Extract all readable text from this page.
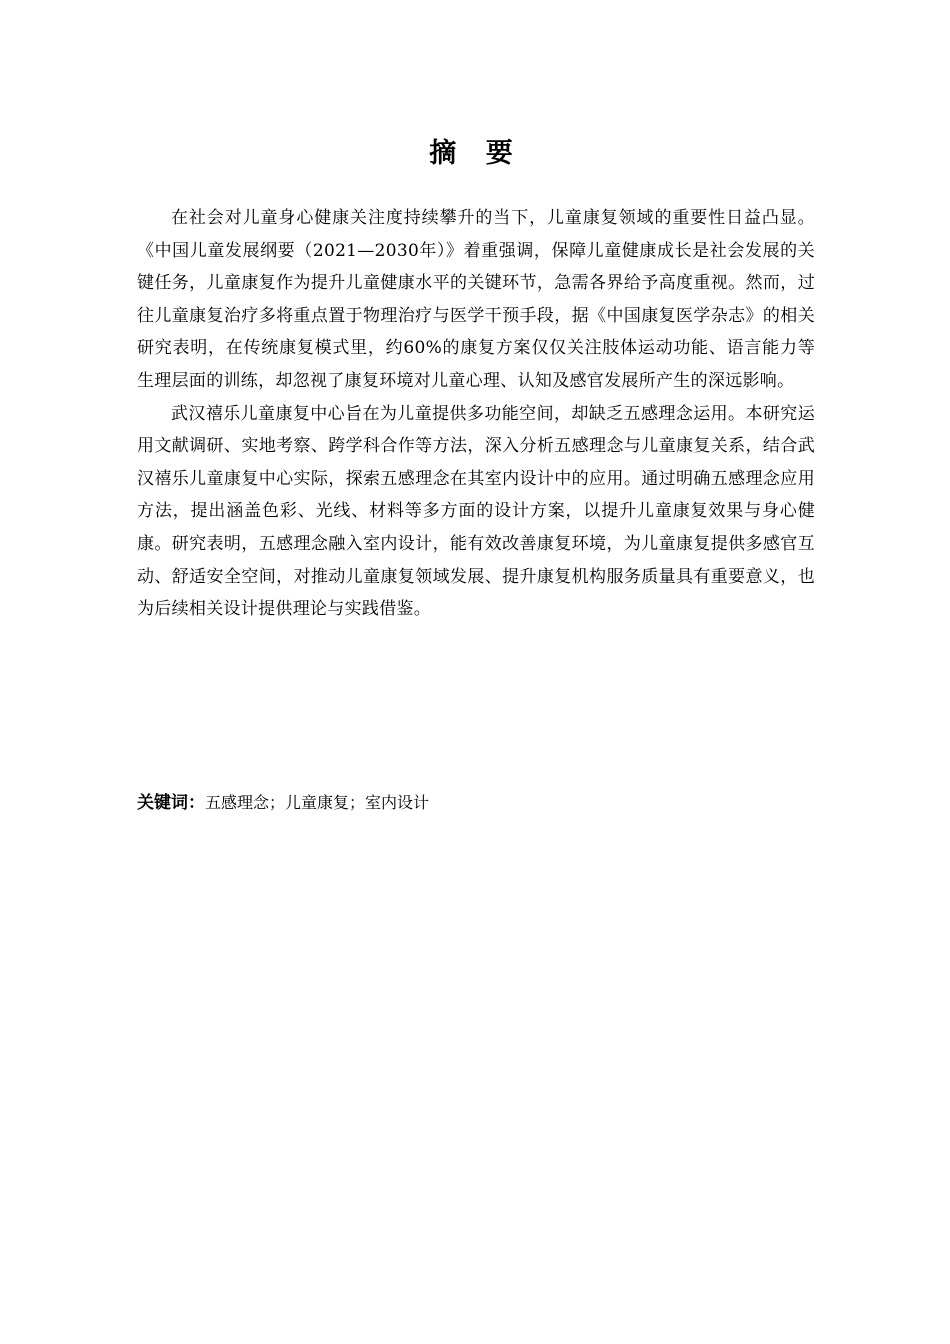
摘 要

在社会对儿童身心健康关注度持续攀升的当下，儿童康复领域的重要性日益凸显。《中国儿童发展纲要（2021—2030年）》着重强调，保障儿童健康成长是社会发展的关键任务，儿童康复作为提升儿童健康水平的关键环节，急需各界给予高度重视。然而，过往儿童康复治疗多将重点置于物理治疗与医学干预手段，据《中国康复医学杂志》的相关研究表明，在传统康复模式里，约60%的康复方案仅仅关注肢体运动功能、语言能力等生理层面的训练，却忽视了康复环境对儿童心理、认知及感官发展所产生的深远影响。

武汉禧乐儿童康复中心旨在为儿童提供多功能空间，却缺乏五感理念运用。本研究运用文献调研、实地考察、跨学科合作等方法，深入分析五感理念与儿童康复关系，结合武汉禧乐儿童康复中心实际，探索五感理念在其室内设计中的应用。通过明确五感理念应用方法，提出涵盖色彩、光线、材料等多方面的设计方案，以提升儿童康复效果与身心健康。研究表明，五感理念融入室内设计，能有效改善康复环境，为儿童康复提供多感官互动、舒适安全空间，对推动儿童康复领域发展、提升康复机构服务质量具有重要意义，也为后续相关设计提供理论与实践借鉴。

关键词：五感理念；儿童康复；室内设计
